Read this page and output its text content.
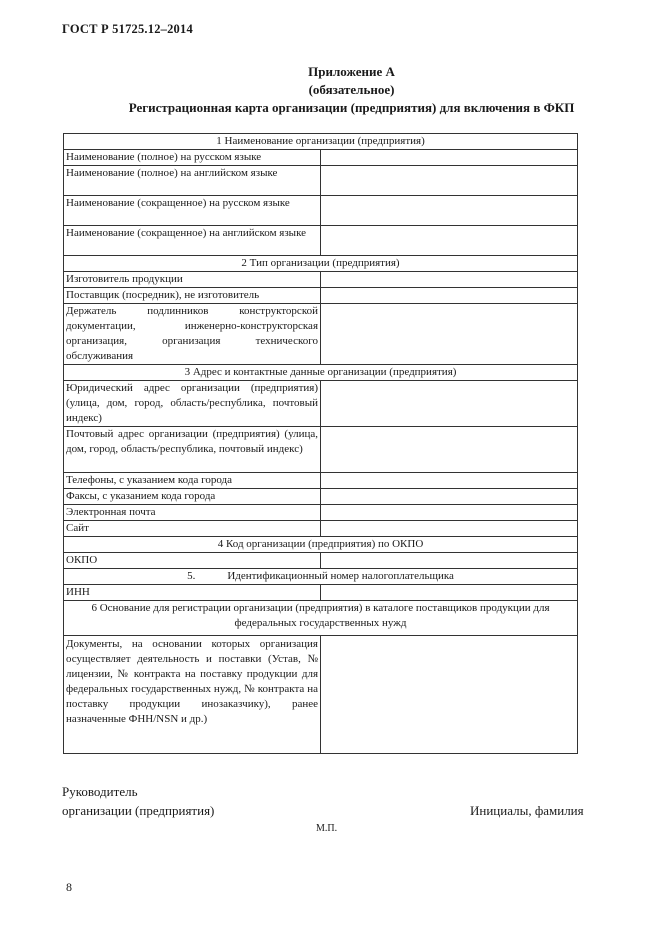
ГОСТ Р 51725.12–2014
Приложение А
(обязательное)
Регистрационная карта организации (предприятия) для включения в ФКП
1 Наименование организации (предприятия)	
Наименование (полное) на русском языке	
Наименование (полное) на английском языке	
Наименование (сокращенное) на русском языке	
Наименование (сокращенное) на английском языке	
2 Тип организации (предприятия)	
Изготовитель продукции	
Поставщик (посредник), не изготовитель	
Держатель подлинников конструкторской документации, инженерно-конструкторская организация, организация технического обслуживания	
3 Адрес и контактные данные организации (предприятия)	
Юридический адрес организации (предприятия) (улица, дом, город, область/республика, почтовый индекс)	
Почтовый адрес организации (предприятия) (улица, дом, город, область/республика, почтовый индекс)	
Телефоны, с указанием кода города	
Факсы, с указанием кода города	
Электронная почта	
Сайт	
4 Код организации (предприятия) по ОКПО	
ОКПО	
5. Идентификационный номер налогоплательщика	
ИНН	
6 Основание для регистрации организации (предприятия) в каталоге поставщиков продукции для федеральных государственных нужд	
Документы, на основании которых организация осуществляет деятельность и поставки (Устав, № лицензии, № контракта на поставку продукции для федеральных государственных нужд, № контракта на поставку продукции инозаказчику), ранее назначенные ФНН/NSN и др.)	
Руководитель
организации (предприятия)	Инициалы, фамилия
М.П.
8
